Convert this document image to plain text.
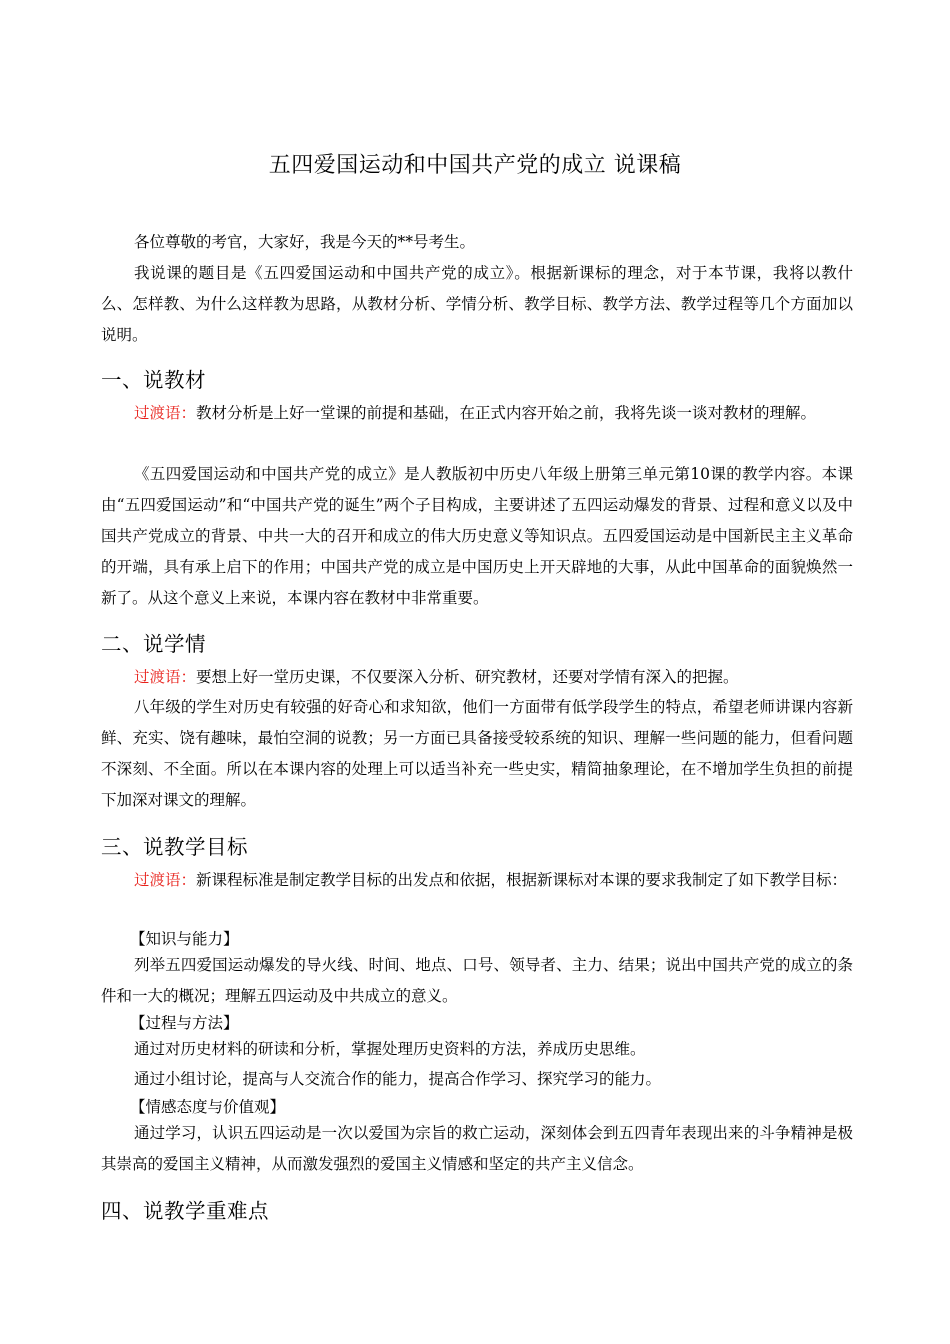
五四爱国运动和中国共产党的成立 说课稿
各位尊敬的考官，大家好，我是今天的**号考生。
我说课的题目是《五四爱国运动和中国共产党的成立》。根据新课标的理念，对于本节课，我将以教什么、怎样教、为什么这样教为思路，从教材分析、学情分析、教学目标、教学方法、教学过程等几个方面加以说明。
一、说教材
过渡语：教材分析是上好一堂课的前提和基础，在正式内容开始之前，我将先谈一谈对教材的理解。
《五四爱国运动和中国共产党的成立》是人教版初中历史八年级上册第三单元第10课的教学内容。本课由“五四爱国运动”和“中国共产党的诞生”两个子目构成，主要讲述了五四运动爆发的背景、过程和意义以及中国共产党成立的背景、中共一大的召开和成立的伟大历史意义等知识点。五四爱国运动是中国新民主主义革命的开端，具有承上启下的作用；中国共产党的成立是中国历史上开天辟地的大事，从此中国革命的面貌焕然一新了。从这个意义上来说，本课内容在教材中非常重要。
二、说学情
过渡语：要想上好一堂历史课，不仅要深入分析、研究教材，还要对学情有深入的把握。
八年级的学生对历史有较强的好奇心和求知欲，他们一方面带有低学段学生的特点，希望老师讲课内容新鲜、充实、饶有趣味，最怕空洞的说教；另一方面已具备接受较系统的知识、理解一些问题的能力，但看问题不深刻、不全面。所以在本课内容的处理上可以适当补充一些史实，精简抽象理论，在不增加学生负担的前提下加深对课文的理解。
三、说教学目标
过渡语：新课程标准是制定教学目标的出发点和依据，根据新课标对本课的要求我制定了如下教学目标：
【知识与能力】
列举五四爱国运动爆发的导火线、时间、地点、口号、领导者、主力、结果；说出中国共产党的成立的条件和一大的概况；理解五四运动及中共成立的意义。
【过程与方法】
通过对历史材料的研读和分析，掌握处理历史资料的方法，养成历史思维。
通过小组讨论，提高与人交流合作的能力，提高合作学习、探究学习的能力。
【情感态度与价值观】
通过学习，认识五四运动是一次以爱国为宗旨的救亡运动，深刻体会到五四青年表现出来的斗争精神是极其崇高的爱国主义精神，从而激发强烈的爱国主义情感和坚定的共产主义信念。
四、说教学重难点
